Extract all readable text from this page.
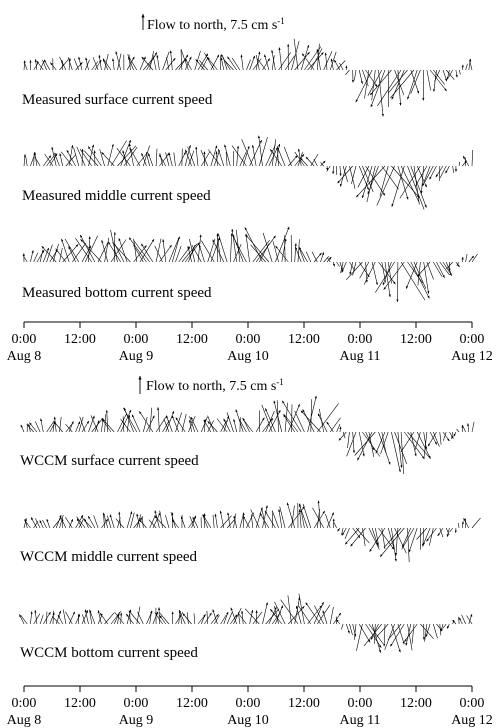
Flow to north, 7.5 cm $s^{-1}$
Measured surface current speed
Measured middle current speed
Measured bottom current speed
0:00
Aug 8
12:00 0:00
Aug 9
12:00 0:00
Aug 10
12:00 0:00
Aug 11
12:00 0:00
Aug 12
Flow to north, 7.5 cm $s^{-1}$
WCCM surface current speed
WCCM middle current speed
WCCM bottom current speed
0:00
Aug 8
12:00 0:00
Aug 9
12:00 0:00
Aug 10
12:00 0:00
Aug 11
12:00 0:00
Aug 12
